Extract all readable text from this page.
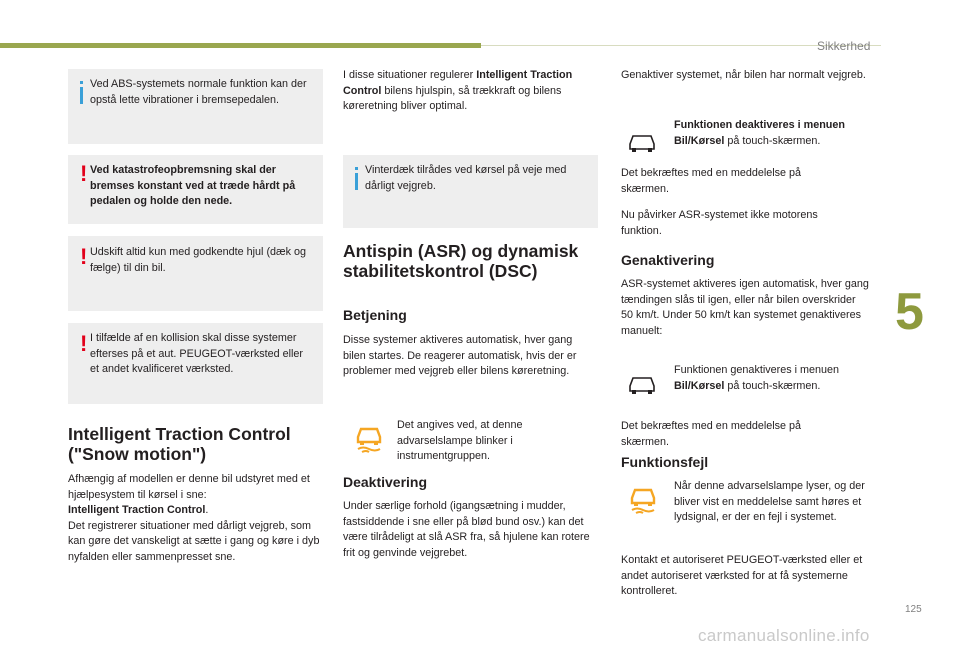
Sikkerhed
5
125
carmanualsonline.info
Ved ABS-systemets normale funktion kan der opstå lette vibrationer i bremsepedalen.
! Ved katastrofeopbremsning skal der bremses konstant ved at træde hårdt på pedalen og holde den nede.
! Udskift altid kun med godkendte hjul (dæk og fælge) til din bil.
! I tilfælde af en kollision skal disse systemer efterses på et aut. PEUGEOT-værksted eller et andet kvalificeret værksted.
Intelligent Traction Control ("Snow motion")
Afhængig af modellen er denne bil udstyret med et hjælpesystem til kørsel i sne:
Intelligent Traction Control.
Det registrerer situationer med dårligt vejgreb, som kan gøre det vanskeligt at sætte i gang og køre i dyb nyfalden eller sammenpresset sne.
I disse situationer regulerer Intelligent Traction Control bilens hjulspin, så trækkraft og bilens køreretning bliver optimal.
Vinterdæk tilrådes ved kørsel på veje med dårligt vejgreb.
Antispin (ASR) og dynamisk stabilitetskontrol (DSC)
Betjening
Disse systemer aktiveres automatisk, hver gang bilen startes. De reagerer automatisk, hvis der er problemer med vejgreb eller bilens køreretning.
Det angives ved, at denne advarselslampe blinker i instrumentgruppen.
Deaktivering
Under særlige forhold (igangsætning i mudder, fastsiddende i sne eller på blød bund osv.) kan det være tilrådeligt at slå ASR fra, så hjulene kan rotere frit og genvinde vejgrebet.
Genaktiver systemet, når bilen har normalt vejgreb.
Funktionen deaktiveres i menuen Bil/Kørsel på touch-skærmen.
Det bekræftes med en meddelelse på skærmen.
Nu påvirker ASR-systemet ikke motorens funktion.
Genaktivering
ASR-systemet aktiveres igen automatisk, hver gang tændingen slås til igen, eller når bilen overskrider 50 km/t. Under 50 km/t kan systemet genaktiveres manuelt:
Funktionen genaktiveres i menuen Bil/Kørsel på touch-skærmen.
Det bekræftes med en meddelelse på skærmen.
Funktionsfejl
Når denne advarselslampe lyser, og der bliver vist en meddelelse samt høres et lydsignal, er der en fejl i systemet.
Kontakt et autoriseret PEUGEOT-værksted eller et andet autoriseret værksted for at få systemerne kontrolleret.
